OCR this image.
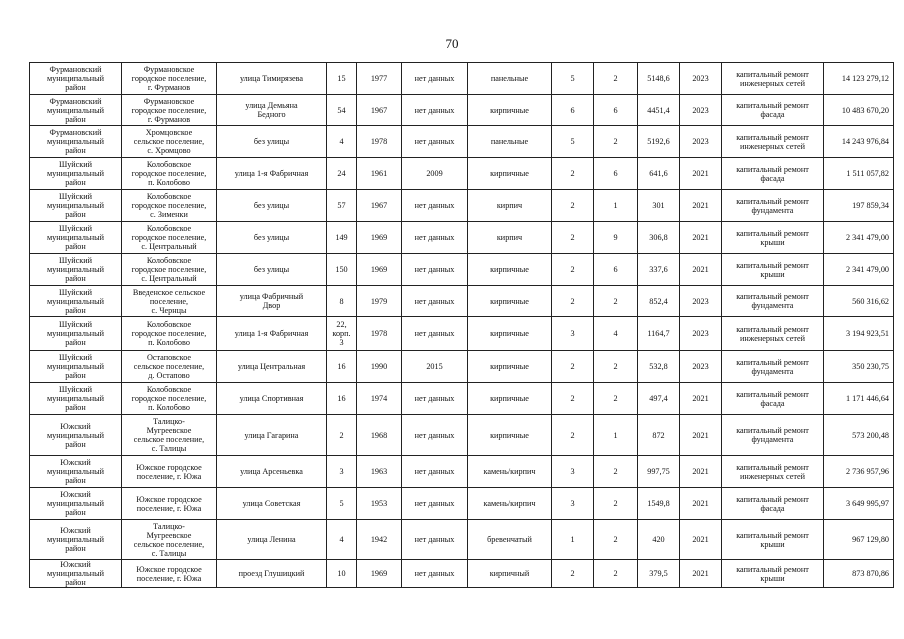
70
Фурмановский
муниципальный
район	Фурмановское
городское поселение,
г. Фурманов	улица Тимирязева	15	1977	нет данных	панельные	5	2	5148,6	2023	капитальный ремонт
инженерных сетей	14 123 279,12

Фурмановский
муниципальный
район	Фурмановское
городское поселение,
г. Фурманов	улица Демьяна
Бедного	54	1967	нет данных	кирпичные	6	6	4451,4	2023	капитальный ремонт
фасада	10 483 670,20

Фурмановский
муниципальный
район	Хромцовское
сельское поселение,
с. Хромцово	без улицы	4	1978	нет данных	панельные	5	2	5192,6	2023	капитальный ремонт
инженерных сетей	14 243 976,84

Шуйский
муниципальный
район	Колобовское
городское поселение,
п. Колобово	улица 1-я Фабричная	24	1961	2009	кирпичные	2	6	641,6	2021	капитальный ремонт
фасада	1 511 057,82

Шуйский
муниципальный
район	Колобовское
городское поселение,
с. Зименки	без улицы	57	1967	нет данных	кирпич	2	1	301	2021	капитальный ремонт
фундамента	197 859,34

Шуйский
муниципальный
район	Колобовское
городское поселение,
с. Центральный	без улицы	149	1969	нет данных	кирпич	2	9	306,8	2021	капитальный ремонт
крыши	2 341 479,00

Шуйский
муниципальный
район	Колобовское
городское поселение,
с. Центральный	без улицы	150	1969	нет данных	кирпичные	2	6	337,6	2021	капитальный ремонт
крыши	2 341 479,00

Шуйский
муниципальный
район	Введенское сельское
поселение,
с. Чернцы	улица Фабричный
Двор	8	1979	нет данных	кирпичные	2	2	852,4	2023	капитальный ремонт
фундамента	560 316,62

Шуйский
муниципальный
район	Колобовское
городское поселение,
п. Колобово	улица 1-я Фабричная	22,
корп.
3	1978	нет данных	кирпичные	3	4	1164,7	2023	капитальный ремонт
инженерных сетей	3 194 923,51

Шуйский
муниципальный
район	Остаповское
сельское поселение,
д. Остапово	улица Центральная	16	1990	2015	кирпичные	2	2	532,8	2023	капитальный ремонт
фундамента	350 230,75

Шуйский
муниципальный
район	Колобовское
городское поселение,
п. Колобово	улица Спортивная	16	1974	нет данных	кирпичные	2	2	497,4	2021	капитальный ремонт
фасада	1 171 446,64

Южский
муниципальный
район	Талицко-
Мугреевское
сельское поселение,
с. Талицы	улица Гагарина	2	1968	нет данных	кирпичные	2	1	872	2021	капитальный ремонт
фундамента	573 200,48

Южский
муниципальный
район	Южское городское
поселение, г. Южа	улица Арсеньевка	3	1963	нет данных	камень/кирпич	3	2	997,75	2021	капитальный ремонт
инженерных сетей	2 736 957,96

Южский
муниципальный
район	Южское городское
поселение, г. Южа	улица Советская	5	1953	нет данных	камень/кирпич	3	2	1549,8	2021	капитальный ремонт
фасада	3 649 995,97

Южский
муниципальный
район	Талицко-
Мугреевское
сельское поселение,
с. Талицы	улица Ленина	4	1942	нет данных	бревенчатый	1	2	420	2021	капитальный ремонт
крыши	967 129,80

Южский
муниципальный
район	Южское городское
поселение, г. Южа	проезд Глушицкий	10	1969	нет данных	кирпичный	2	2	379,5	2021	капитальный ремонт
крыши	873 870,86
